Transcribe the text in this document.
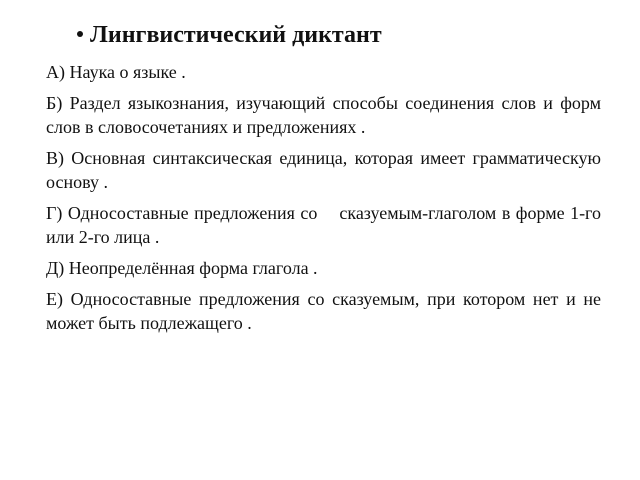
Лингвистический диктант

А) Наука о языке .

Б) Раздел языкознания, изучающий способы соединения слов и форм слов в словосочетаниях и предложениях .

В) Основная синтаксическая единица, которая имеет грамматическую основу .

Г) Односоставные предложения со    сказуемым-глаголом в форме 1-го или 2-го лица .

Д) Неопределённая форма глагола .

Е) Односоставные предложения со сказуемым, при котором нет и не может быть подлежащего .
